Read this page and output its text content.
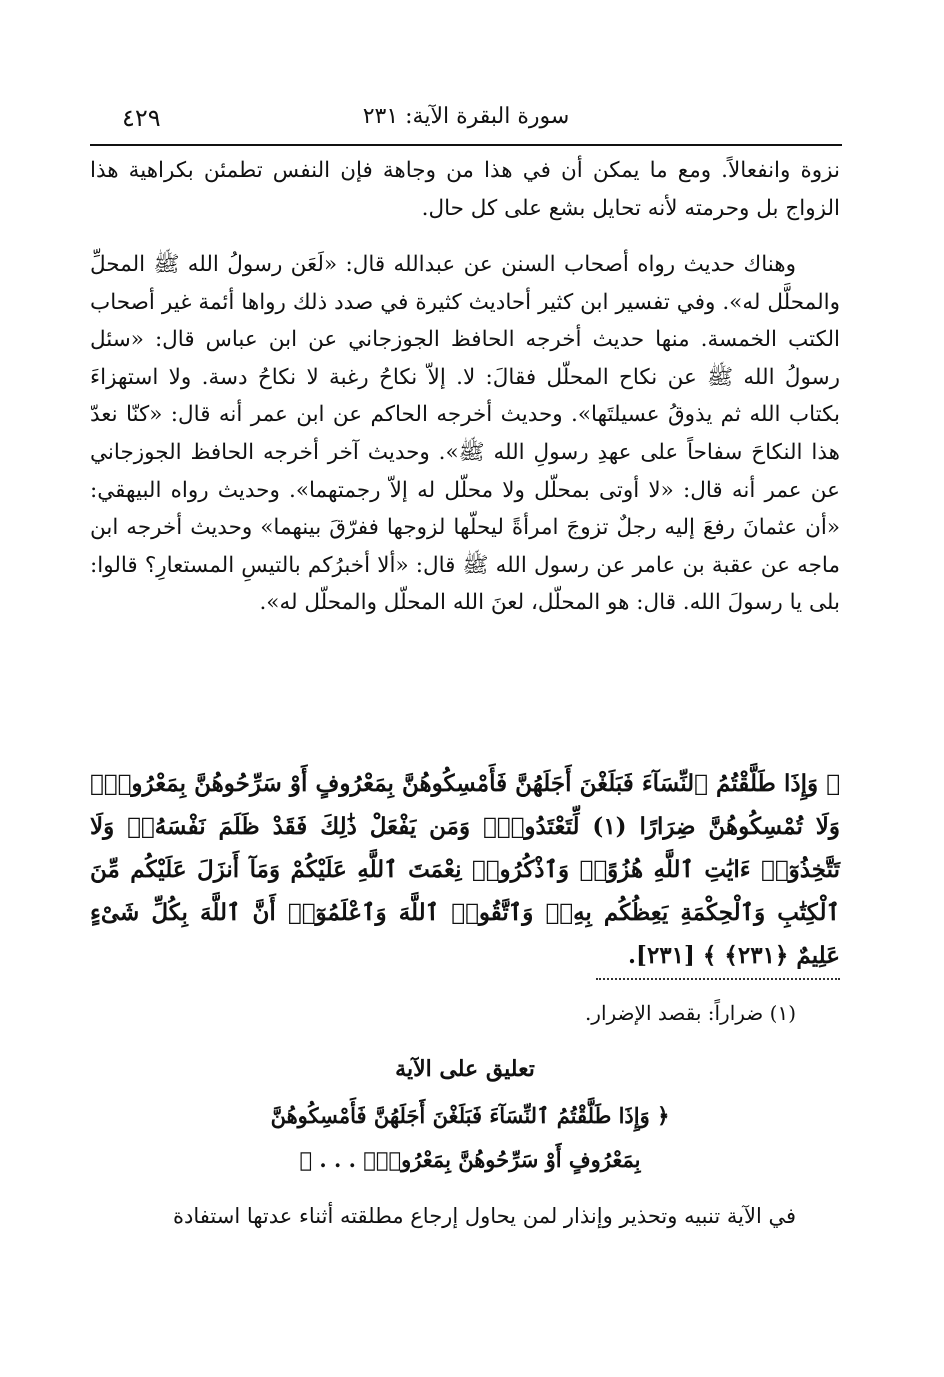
سورة البقرة الآية: ٢٣١
٤٢٩

نزوة وانفعالاً. ومع ما يمكن أن في هذا من وجاهة فإن النفس تطمئن بكراهية هذا الزواج بل وحرمته لأنه تحايل بشع على كل حال.

وهناك حديث رواه أصحاب السنن عن عبدالله قال: «لَعَن رسولُ الله ﷺ المحلِّ والمحلَّل له». وفي تفسير ابن كثير أحاديث كثيرة في صدد ذلك رواها أئمة غير أصحاب الكتب الخمسة. منها حديث أخرجه الحافظ الجوزجاني عن ابن عباس قال: «سئل رسولُ الله ﷺ عن نكاح المحلّل فقالَ: لا. إلاّ نكاحُ رغبة لا نكاحُ دسة. ولا استهزاءَ بكتاب الله ثم يذوقُ عسيلتَها». وحديث أخرجه الحاكم عن ابن عمر أنه قال: «كنّا نعدّ هذا النكاحَ سفاحاً على عهدِ رسولِ الله ﷺ». وحديث آخر أخرجه الحافظ الجوزجاني عن عمر أنه قال: «لا أوتى بمحلّل ولا محلّل له إلاّ رجمتهما». وحديث رواه البيهقي: «أن عثمانَ رفعَ إليه رجلٌ تزوجَ امرأةً ليحلّها لزوجها ففرّقَ بينهما» وحديث أخرجه ابن ماجه عن عقبة بن عامر عن رسول الله ﷺ قال: «ألا أخبرُكم بالتيسِ المستعارِ؟ قالوا: بلى يا رسولَ الله. قال: هو المحلّل، لعنَ الله المحلّل والمحلّل له».

﴿ وَإِذَا طَلَّقْتُمُ ٱلنِّسَآءَ فَبَلَغْنَ أَجَلَهُنَّ فَأَمْسِكُوهُنَّ بِمَعْرُوفٍ أَوْ سَرِّحُوهُنَّ بِمَعْرُوفٍۚ وَلَا تُمْسِكُوهُنَّ ضِرَارًا (١) لِّتَعْتَدُوا۟ۚ وَمَن يَفْعَلْ ذَٰلِكَ فَقَدْ ظَلَمَ نَفْسَهُۥۚ وَلَا تَتَّخِذُوٓا۟ ءَايَٰتِ ٱللَّهِ هُزُوًاۚ وَٱذْكُرُوا۟ نِعْمَتَ ٱللَّهِ عَلَيْكُمْ وَمَآ أَنزَلَ عَلَيْكُم مِّنَ ٱلْكِتَٰبِ وَٱلْحِكْمَةِ يَعِظُكُم بِهِۦۚ وَٱتَّقُوا۟ ٱللَّهَ وَٱعْلَمُوٓا۟ أَنَّ ٱللَّهَ بِكُلِّ شَىْءٍ عَلِيمٌ ﴿٢٣١﴾ ﴾ [٢٣١].
(١) ضراراً: بقصد الإضرار.
تعليق على الآية
﴿ وَإِذَا طَلَّقْتُمُ ٱلنِّسَآءَ فَبَلَغْنَ أَجَلَهُنَّ فَأَمْسِكُوهُنَّ
بِمَعْرُوفٍ أَوْ سَرِّحُوهُنَّ بِمَعْرُوفٍۚ . . . ﴾
في الآية تنبيه وتحذير وإنذار لمن يحاول إرجاع مطلقته أثناء عدتها استفادة
